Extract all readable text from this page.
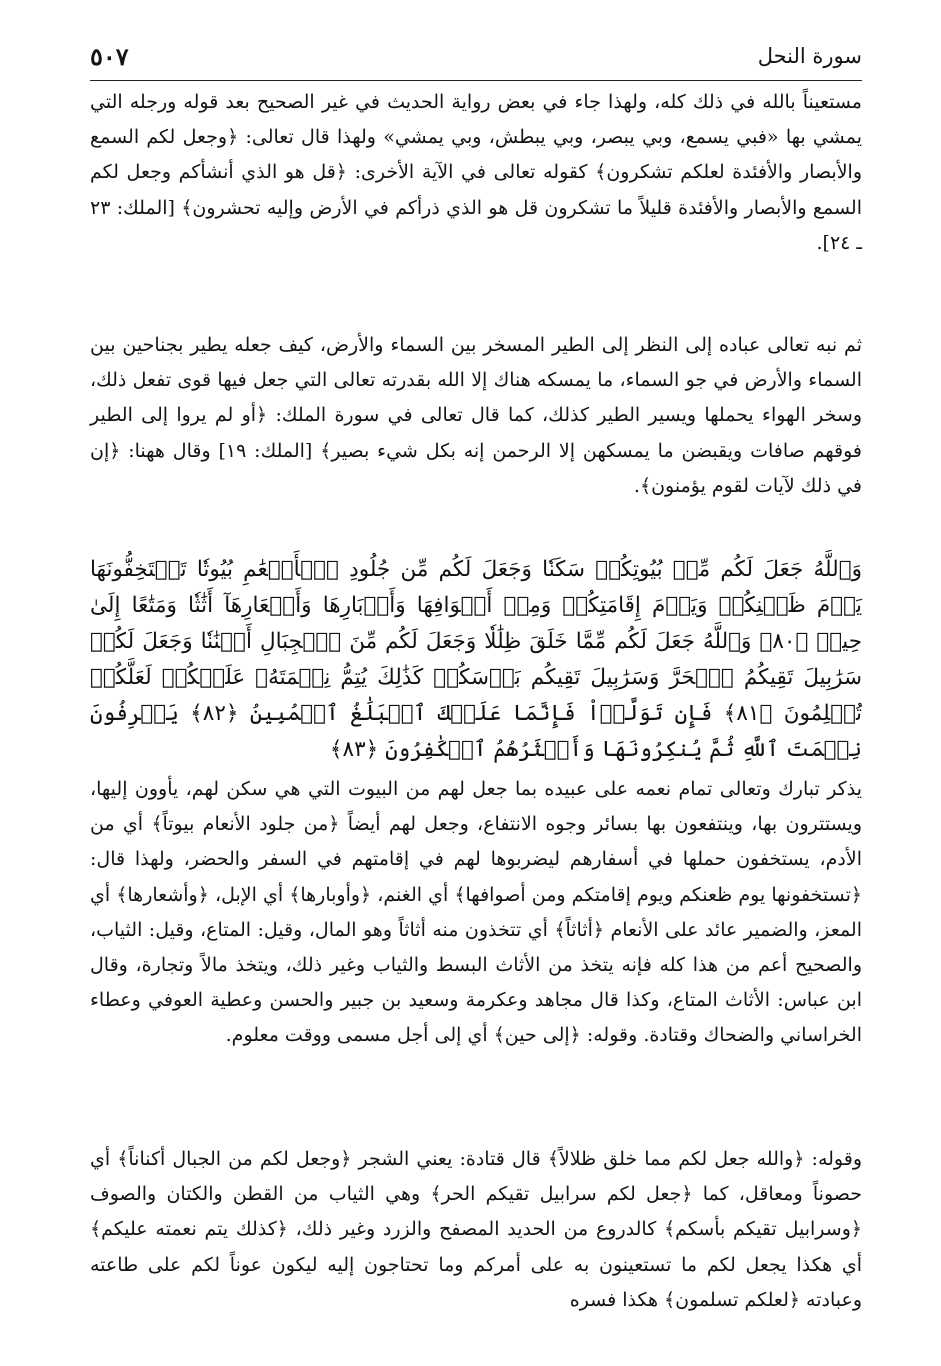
سورة النحل
٥٠٧

مستعيناً بالله في ذلك كله، ولهذا جاء في بعض رواية الحديث في غير الصحيح بعد قوله ورجله التي يمشي بها «فبي يسمع، وبي يبصر، وبي يبطش، وبي يمشي» ولهذا قال تعالى: ﴿وجعل لكم السمع والأبصار والأفئدة لعلكم تشكرون﴾ كقوله تعالى في الآية الأخرى: ﴿قل هو الذي أنشأكم وجعل لكم السمع والأبصار والأفئدة قليلاً ما تشكرون قل هو الذي ذرأكم في الأرض وإليه تحشرون﴾ [الملك: ٢٣ ـ ٢٤].

ثم نبه تعالى عباده إلى النظر إلى الطير المسخر بين السماء والأرض، كيف جعله يطير بجناحين بين السماء والأرض في جو السماء، ما يمسكه هناك إلا الله بقدرته تعالى التي جعل فيها قوى تفعل ذلك، وسخر الهواء يحملها ويسير الطير كذلك، كما قال تعالى في سورة الملك: ﴿أو لم يروا إلى الطير فوقهم صافات ويقبضن ما يمسكهن إلا الرحمن إنه بكل شيء بصير﴾ [الملك: ١٩] وقال ههنا: ﴿إن في ذلك لآيات لقوم يؤمنون﴾.

وَٱللَّهُ جَعَلَ لَكُم مِّنۢ بُيُوتِكُمۡ سَكَنٗا وَجَعَلَ لَكُم مِّن جُلُودِ ٱلۡأَنۡعَٰمِ بُيُوتٗا تَسۡتَخِفُّونَهَا يَوۡمَ ظَعۡنِكُمۡ وَيَوۡمَ إِقَامَتِكُمۡ وَمِنۡ أَصۡوَافِهَا وَأَوۡبَارِهَا وَأَشۡعَارِهَآ أَثَٰثٗا وَمَتَٰعًا إِلَىٰ حِينٖ ﴿٨٠﴾ وَٱللَّهُ جَعَلَ لَكُم مِّمَّا خَلَقَ ظِلَٰلٗا وَجَعَلَ لَكُم مِّنَ ٱلۡجِبَالِ أَكۡنَٰنٗا وَجَعَلَ لَكُمۡ سَرَٰبِيلَ تَقِيكُمُ ٱلۡحَرَّ وَسَرَٰبِيلَ تَقِيكُم بَأۡسَكُمۡ كَذَٰلِكَ يُتِمُّ نِعۡمَتَهُۥ عَلَيۡكُمۡ لَعَلَّكُمۡ تُسۡلِمُونَ ﴿٨١﴾ فَإِن تَوَلَّوۡاْ فَإِنَّمَا عَلَيۡكَ ٱلۡبَلَٰغُ ٱلۡمُبِينُ ﴿٨٢﴾ يَعۡرِفُونَ نِعۡمَتَ ٱللَّهِ ثُمَّ يُنكِرُونَهَا وَأَكۡثَرُهُمُ ٱلۡكَٰفِرُونَ ﴿٨٣﴾

يذكر تبارك وتعالى تمام نعمه على عبيده بما جعل لهم من البيوت التي هي سكن لهم، يأوون إليها، ويستترون بها، وينتفعون بها بسائر وجوه الانتفاع، وجعل لهم أيضاً ﴿من جلود الأنعام بيوتاً﴾ أي من الأدم، يستخفون حملها في أسفارهم ليضربوها لهم في إقامتهم في السفر والحضر، ولهذا قال: ﴿تستخفونها يوم ظعنكم ويوم إقامتكم ومن أصوافها﴾ أي الغنم، ﴿وأوبارها﴾ أي الإبل، ﴿وأشعارها﴾ أي المعز، والضمير عائد على الأنعام ﴿أثاثاً﴾ أي تتخذون منه أثاثاً وهو المال، وقيل: المتاع، وقيل: الثياب، والصحيح أعم من هذا كله فإنه يتخذ من الأثاث البسط والثياب وغير ذلك، ويتخذ مالاً وتجارة، وقال ابن عباس: الأثاث المتاع، وكذا قال مجاهد وعكرمة وسعيد بن جبير والحسن وعطية العوفي وعطاء الخراساني والضحاك وقتادة. وقوله: ﴿إلى حين﴾ أي إلى أجل مسمى ووقت معلوم.

وقوله: ﴿والله جعل لكم مما خلق ظلالاً﴾ قال قتادة: يعني الشجر ﴿وجعل لكم من الجبال أكناناً﴾ أي حصوناً ومعاقل، كما ﴿جعل لكم سرابيل تقيكم الحر﴾ وهي الثياب من القطن والكتان والصوف ﴿وسرابيل تقيكم بأسكم﴾ كالدروع من الحديد المصفح والزرد وغير ذلك، ﴿كذلك يتم نعمته عليكم﴾ أي هكذا يجعل لكم ما تستعينون به على أمركم وما تحتاجون إليه ليكون عوناً لكم على طاعته وعبادته ﴿لعلكم تسلمون﴾ هكذا فسره
